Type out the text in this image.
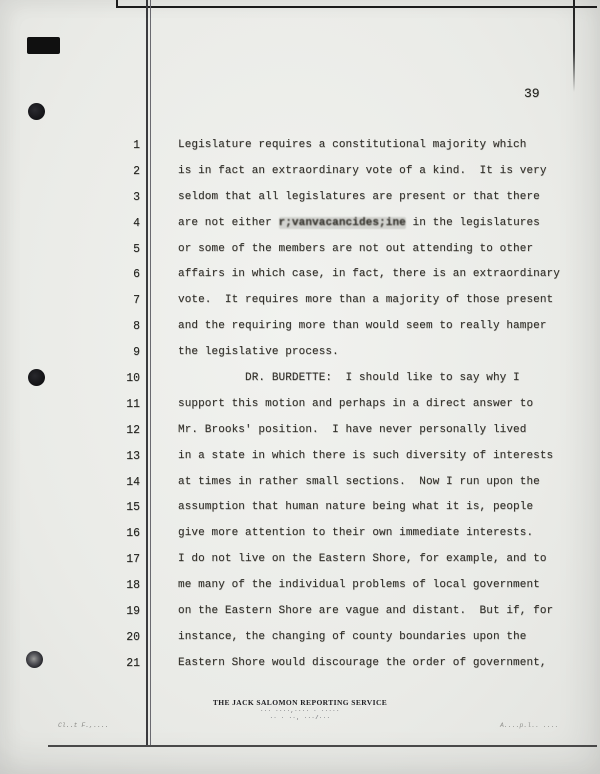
39
1	Legislature requires a constitutional majority which
2	is in fact an extraordinary vote of a kind.  It is very
3	seldom that all legislatures are present or that there
4	are not either r;vanvacancides;ine in the legislatures
5	or some of the members are not out attending to other
6	affairs in which case, in fact, there is an extraordinary
7	vote.  It requires more than a majority of those present
8	and the requiring more than would seem to really hamper
9	the legislative process.
10	DR. BURDETTE:  I should like to say why I
11	support this motion and perhaps in a direct answer to
12	Mr. Brooks' position.  I have never personally lived
13	in a state in which there is such diversity of interests
14	at times in rather small sections.  Now I run upon the
15	assumption that human nature being what it is, people
16	give more attention to their own immediate interests.
17	I do not live on the Eastern Shore, for example, and to
18	me many of the individual problems of local government
19	on the Eastern Shore are vague and distant.  But if, for
20	instance, the changing of county boundaries upon the
21	Eastern Shore would discourage the order of government,
THE JACK SALOMON REPORTING SERVICE
··· ····,···· · ·····
·· · ··, ···/···
Cl..t F.,....	A....p.l.. ....
